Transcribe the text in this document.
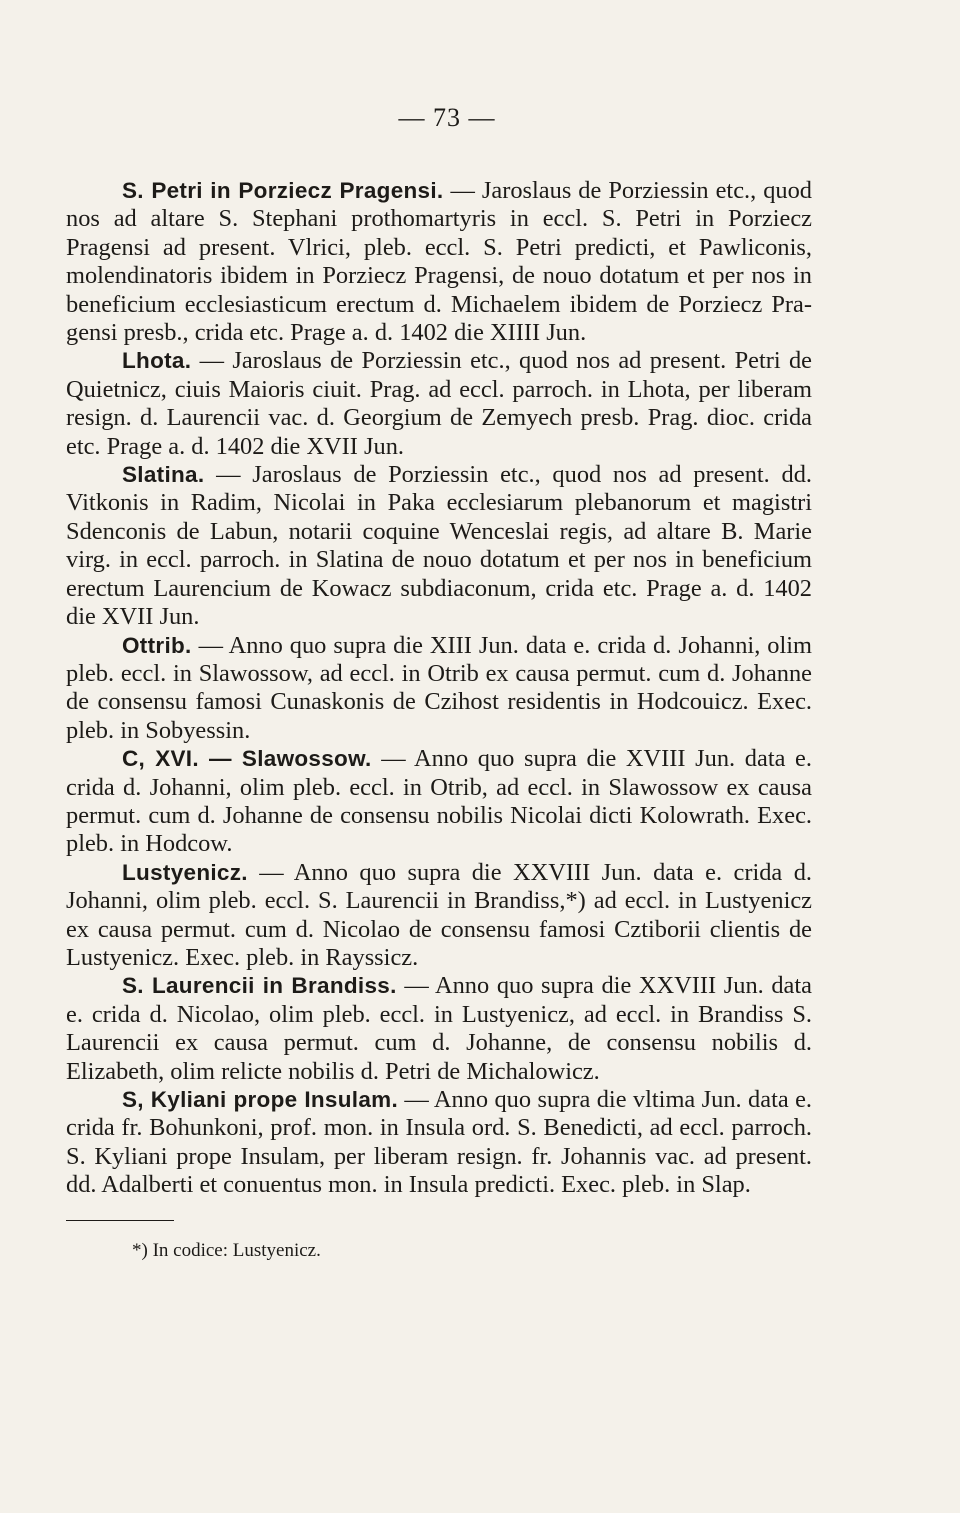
— 73 —

S. Petri in Porziecz Pragensi. — Jaroslaus de Porziessin etc., quod nos ad altare S. Stephani prothomartyris in eccl. S. Petri in Porziecz Pragensi ad present. Vlrici, pleb. eccl. S. Petri predicti, et Pawliconis, molendinatoris ibidem in Porziecz Pragensi, de nouo dotatum et per nos in beneficium ecclesiasticum erectum d. Michaelem ibidem de Porziecz Pragensi presb., crida etc. Prage a. d. 1402 die XIIII Jun.

Lhota. — Jaroslaus de Porziessin etc., quod nos ad present. Petri de Quietnicz, ciuis Maioris ciuit. Prag. ad eccl. parroch. in Lhota, per liberam resign. d. Laurencii vac. d. Georgium de Zemyech presb. Prag. dioc. crida etc. Prage a. d. 1402 die XVII Jun.

Slatina. — Jaroslaus de Porziessin etc., quod nos ad present. dd. Vitkonis in Radim, Nicolai in Paka ecclesiarum plebanorum et magistri Sdenconis de Labun, notarii coquine Wenceslai regis, ad altare B. Marie virg. in eccl. parroch. in Slatina de nouo dotatum et per nos in beneficium erectum Laurencium de Kowacz subdiaconum, crida etc. Prage a. d. 1402 die XVII Jun.

Ottrib. — Anno quo supra die XIII Jun. data e. crida d. Johanni, olim pleb. eccl. in Slawossow, ad eccl. in Otrib ex causa permut. cum d. Johanne de consensu famosi Cunaskonis de Czihost residentis in Hodcouicz. Exec. pleb. in Sobyessin.

C, XVI. — Slawossow. — Anno quo supra die XVIII Jun. data e. crida d. Johanni, olim pleb. eccl. in Otrib, ad eccl. in Slawossow ex causa permut. cum d. Johanne de consensu nobilis Nicolai dicti Kolowrath. Exec. pleb. in Hodcow.

Lustyenicz. — Anno quo supra die XXVIII Jun. data e. crida d. Johanni, olim pleb. eccl. S. Laurencii in Brandiss,*) ad eccl. in Lustyenicz ex causa permut. cum d. Nicolao de consensu famosi Cztiborii clientis de Lustyenicz. Exec. pleb. in Rayssicz.

S. Laurencii in Brandiss. — Anno quo supra die XXVIII Jun. data e. crida d. Nicolao, olim pleb. eccl. in Lustyenicz, ad eccl. in Brandiss S. Laurencii ex causa permut. cum d. Johanne, de consensu nobilis d. Elizabeth, olim relicte nobilis d. Petri de Michalowicz.

S, Kyliani prope Insulam. — Anno quo supra die vltima Jun. data e. crida fr. Bohunkoni, prof. mon. in Insula ord. S. Benedicti, ad eccl. parroch. S. Kyliani prope Insulam, per liberam resign. fr. Johannis vac. ad present. dd. Adalberti et conuentus mon. in Insula predicti. Exec. pleb. in Slap.

*) In codice: Lustyenicz.
